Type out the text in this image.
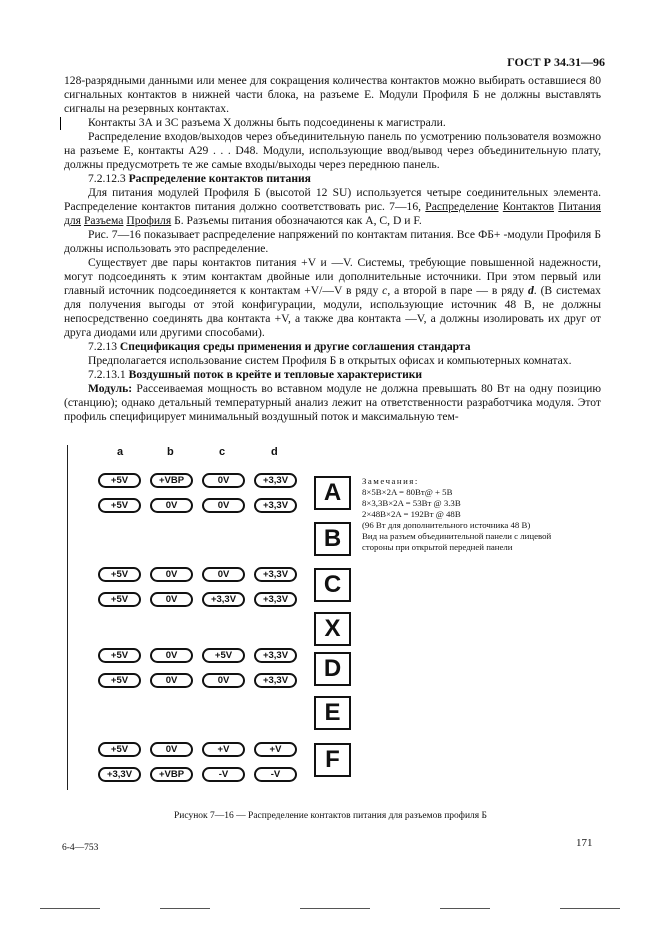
ГОСТ Р 34.31—96

128-разрядными данными или менее для сокращения количества контактов можно выбирать оставшиеся 80 сигнальных контактов в нижней части блока, на разъеме Е. Модули Профиля Б не должны выставлять сигналы на резервных контактах.

Контакты 3А и 3С разъема X должны быть подсоединены к магистрали.

Распределение входов/выходов через объединительную панель по усмотрению пользователя возможно на разъеме Е, контакты А29 . . . D48. Модули, использующие ввод/вывод через объединительную плату, должны предусмотреть те же самые входы/выходы через переднюю панель.

7.2.12.3 Распределение контактов питания

Для питания модулей Профиля Б (высотой 12 SU) используется четыре соединительных элемента. Распределение контактов питания должно соответствовать рис. 7—16, Распределение Контактов Питания для Разъема Профиля Б. Разъемы питания обозначаются как А, С, D и F.

Рис. 7—16 показывает распределение напряжений по контактам питания. Все ФБ+ -модули Профиля Б должны использовать это распределение.

Существует две пары контактов питания +V и —V. Системы, требующие повышенной надежности, могут подсоединять к этим контактам двойные или дополнительные источники. При этом первый или главный источник подсоединяется к контактам +V/—V в ряду c, а второй в паре — в ряду d. (В системах для получения выгоды от этой конфигурации, модули, использующие источник 48 В, не должны непосредственно соединять два контакта +V, а также два контакта —V, а должны изолировать их друг от друга диодами или другими способами).

7.2.13 Спецификация среды применения и другие соглашения стандарта

Предполагается использование систем Профиля Б в открытых офисах и компьютерных комнатах.

7.2.13.1 Воздушный поток в крейте и тепловые характеристики

Модуль: Рассеиваемая мощность во вставном модуле не должна превышать 80 Вт на одну позицию (станцию); однако детальный температурный анализ лежит на ответственности разработчика модуля. Этот профиль специфицирует минимальный воздушный поток и максимальную тем-

a	b	c	d
+5V	+VBP	0V	+3,3V
+5V	0V	0V	+3,3V
+5V	0V	0V	+3,3V
+5V	0V	+3,3V	+3,3V
+5V	0V	+5V	+3,3V
+5V	0V	0V	+3,3V
+5V	0V	+V	+V
+3,3V	+VBP	-V	-V
A
B
C
X
D
E
F
Замечания:
8×5B×2A = 80Bт@ + 5B
8×3,3B×2A = 53Bт @ 3.3B
2×48B×2A = 192Bт @ 48B
(96 Вт для дополнительного источника 48 В)
Вид на разъем объединительной панели с лицевой
стороны при открытой передней панели
Рисунок 7—16 — Распределение контактов питания для разъемов профиля Б
6-4—753	171
